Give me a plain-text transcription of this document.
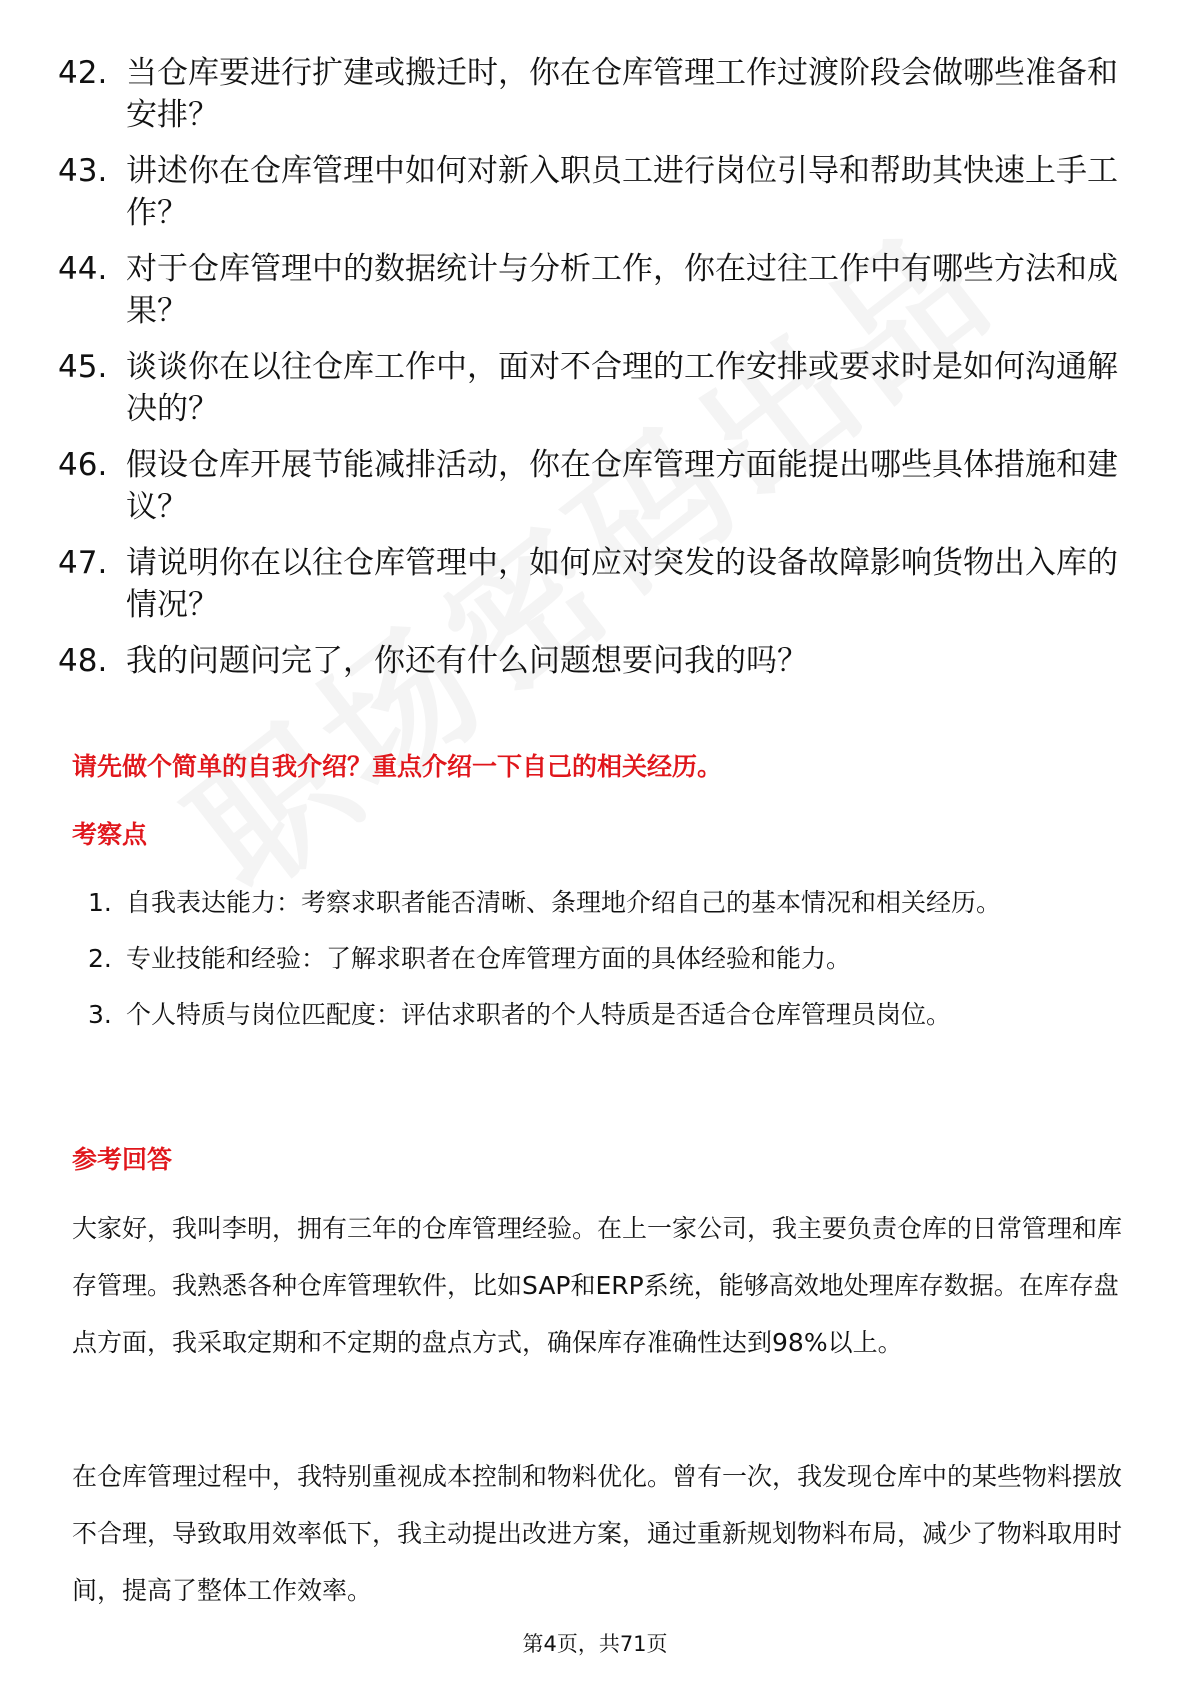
42. 当仓库要进行扩建或搬迁时，你在仓库管理工作过渡阶段会做哪些准备和安排？
43. 讲述你在仓库管理中如何对新入职员工进行岗位引导和帮助其快速上手工作？
44. 对于仓库管理中的数据统计与分析工作，你在过往工作中有哪些方法和成果？
45. 谈谈你在以往仓库工作中，面对不合理的工作安排或要求时是如何沟通解决的？
46. 假设仓库开展节能减排活动，你在仓库管理方面能提出哪些具体措施和建议？
47. 请说明你在以往仓库管理中，如何应对突发的设备故障影响货物出入库的情况？
48. 我的问题问完了，你还有什么问题想要问我的吗？
请先做个简单的自我介绍？重点介绍一下自己的相关经历。
考察点
1. 自我表达能力：考察求职者能否清晰、条理地介绍自己的基本情况和相关经历。
2. 专业技能和经验：了解求职者在仓库管理方面的具体经验和能力。
3. 个人特质与岗位匹配度：评估求职者的个人特质是否适合仓库管理员岗位。
参考回答

大家好，我叫李明，拥有三年的仓库管理经验。在上一家公司，我主要负责仓库的日常管理和库存管理。我熟悉各种仓库管理软件，比如SAP和ERP系统，能够高效地处理库存数据。在库存盘点方面，我采取定期和不定期的盘点方式，确保库存准确性达到98%以上。

在仓库管理过程中，我特别重视成本控制和物料优化。曾有一次，我发现仓库中的某些物料摆放不合理，导致取用效率低下，我主动提出改进方案，通过重新规划物料布局，减少了物料取用时间，提高了整体工作效率。

第4页，共71页
